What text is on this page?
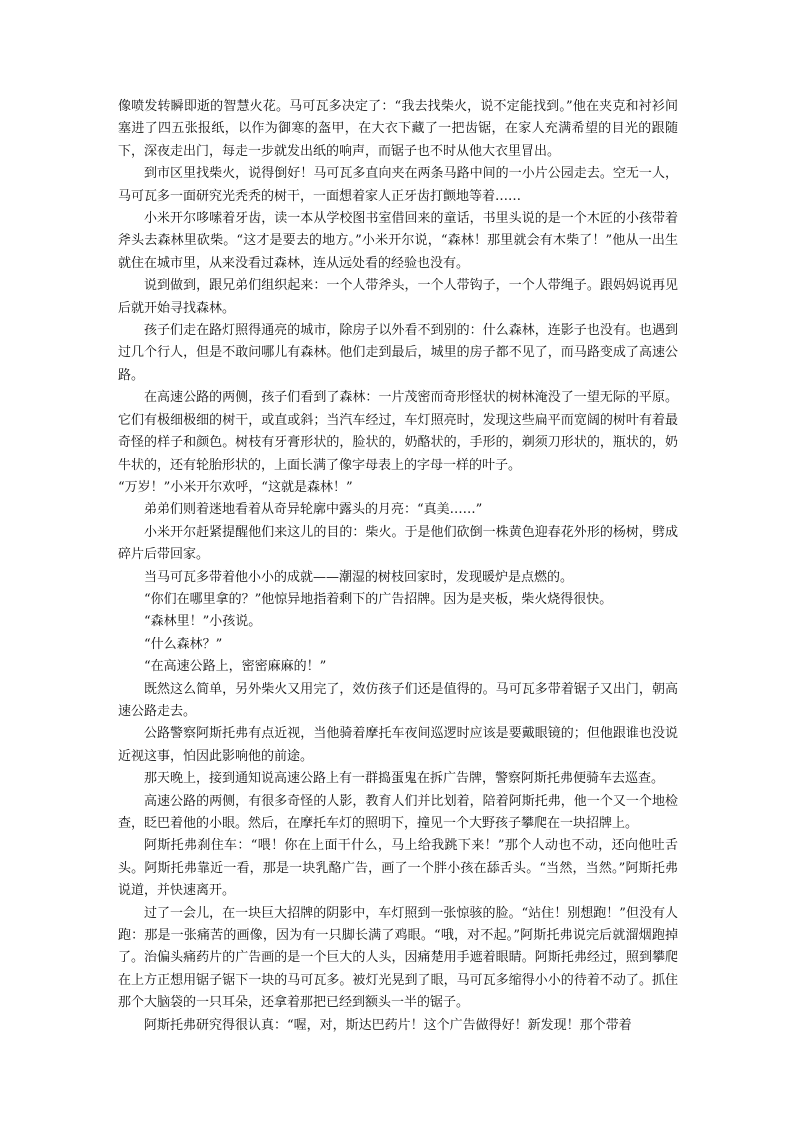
像喷发转瞬即逝的智慧火花。马可瓦多决定了：“我去找柴火，说不定能找到。”他在夹克和衬衫间塞进了四五张报纸，以作为御寒的盔甲，在大衣下藏了一把齿锯，在家人充满希望的目光的跟随下，深夜走出门，每走一步就发出纸的响声，而锯子也不时从他大衣里冒出。

到市区里找柴火，说得倒好！马可瓦多直向夹在两条马路中间的一小片公园走去。空无一人，马可瓦多一面研究光秃秃的树干，一面想着家人正牙齿打颤地等着……

小米开尔哆嗦着牙齿，读一本从学校图书室借回来的童话，书里头说的是一个木匠的小孩带着斧头去森林里砍柴。“这才是要去的地方。”小米开尔说，“森林！那里就会有木柴了！”他从一出生就住在城市里，从来没看过森林，连从远处看的经验也没有。

说到做到，跟兄弟们组织起来：一个人带斧头，一个人带钩子，一个人带绳子。跟妈妈说再见后就开始寻找森林。

孩子们走在路灯照得通亮的城市，除房子以外看不到别的：什么森林，连影子也没有。也遇到过几个行人，但是不敢问哪儿有森林。他们走到最后，城里的房子都不见了，而马路变成了高速公路。

在高速公路的两侧，孩子们看到了森林：一片茂密而奇形怪状的树林淹没了一望无际的平原。它们有极细极细的树干，或直或斜；当汽车经过，车灯照亮时，发现这些扁平而宽阔的树叶有着最奇怪的样子和颜色。树枝有牙膏形状的，脸状的，奶酪状的，手形的，剃须刀形状的，瓶状的，奶牛状的，还有轮胎形状的，上面长满了像字母表上的字母一样的叶子。

“万岁！”小米开尔欢呼，“这就是森林！”

弟弟们则着迷地看着从奇异轮廓中露头的月亮：“真美……”

小米开尔赶紧提醒他们来这儿的目的：柴火。于是他们砍倒一株黄色迎春花外形的杨树，劈成碎片后带回家。

当马可瓦多带着他小小的成就——潮湿的树枝回家时，发现暖炉是点燃的。

“你们在哪里拿的？”他惊异地指着剩下的广告招牌。因为是夹板，柴火烧得很快。

“森林里！”小孩说。

“什么森林？”

“在高速公路上，密密麻麻的！”

既然这么简单，另外柴火又用完了，效仿孩子们还是值得的。马可瓦多带着锯子又出门，朝高速公路走去。

公路警察阿斯托弗有点近视，当他骑着摩托车夜间巡逻时应该是要戴眼镜的；但他跟谁也没说近视这事，怕因此影响他的前途。

那天晚上，接到通知说高速公路上有一群捣蛋鬼在拆广告牌，警察阿斯托弗便骑车去巡查。

高速公路的两侧，有很多奇怪的人影，教育人们并比划着，陪着阿斯托弗，他一个又一个地检查，眨巴着他的小眼。然后，在摩托车灯的照明下，撞见一个大野孩子攀爬在一块招牌上。

阿斯托弗刹住车：“喂！你在上面干什么，马上给我跳下来！”那个人动也不动，还向他吐舌头。阿斯托弗靠近一看，那是一块乳酪广告，画了一个胖小孩在舔舌头。“当然，当然。”阿斯托弗说道，并快速离开。

过了一会儿，在一块巨大招牌的阴影中，车灯照到一张惊骇的脸。“站住！别想跑！”但没有人跑：那是一张痛苦的画像，因为有一只脚长满了鸡眼。“哦，对不起。”阿斯托弗说完后就溜烟跑掉了。治偏头痛药片的广告画的是一个巨大的人头，因痛楚用手遮着眼睛。阿斯托弗经过，照到攀爬在上方正想用锯子锯下一块的马可瓦多。被灯光晃到了眼，马可瓦多缩得小小的待着不动了。抓住那个大脑袋的一只耳朵，还拿着那把已经到额头一半的锯子。

阿斯托弗研究得很认真：“喔，对，斯达巴药片！这个广告做得好！新发现！那个带着
